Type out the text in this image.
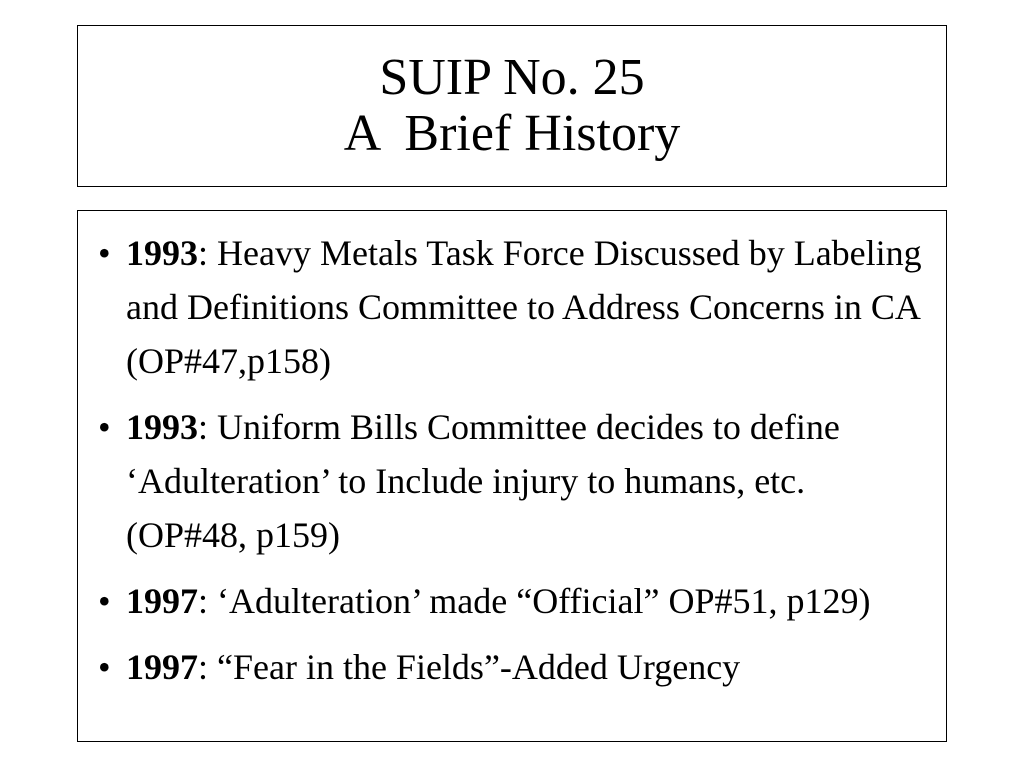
SUIP No. 25
A  Brief History
• 1993: Heavy Metals Task Force Discussed by Labeling and Definitions Committee to Address Concerns in CA (OP#47,p158)
• 1993: Uniform Bills Committee decides to define ‘Adulteration’ to Include injury to humans, etc.(OP#48, p159)
• 1997: ‘Adulteration’ made “Official” OP#51, p129)
• 1997: “Fear in the Fields”-Added Urgency
